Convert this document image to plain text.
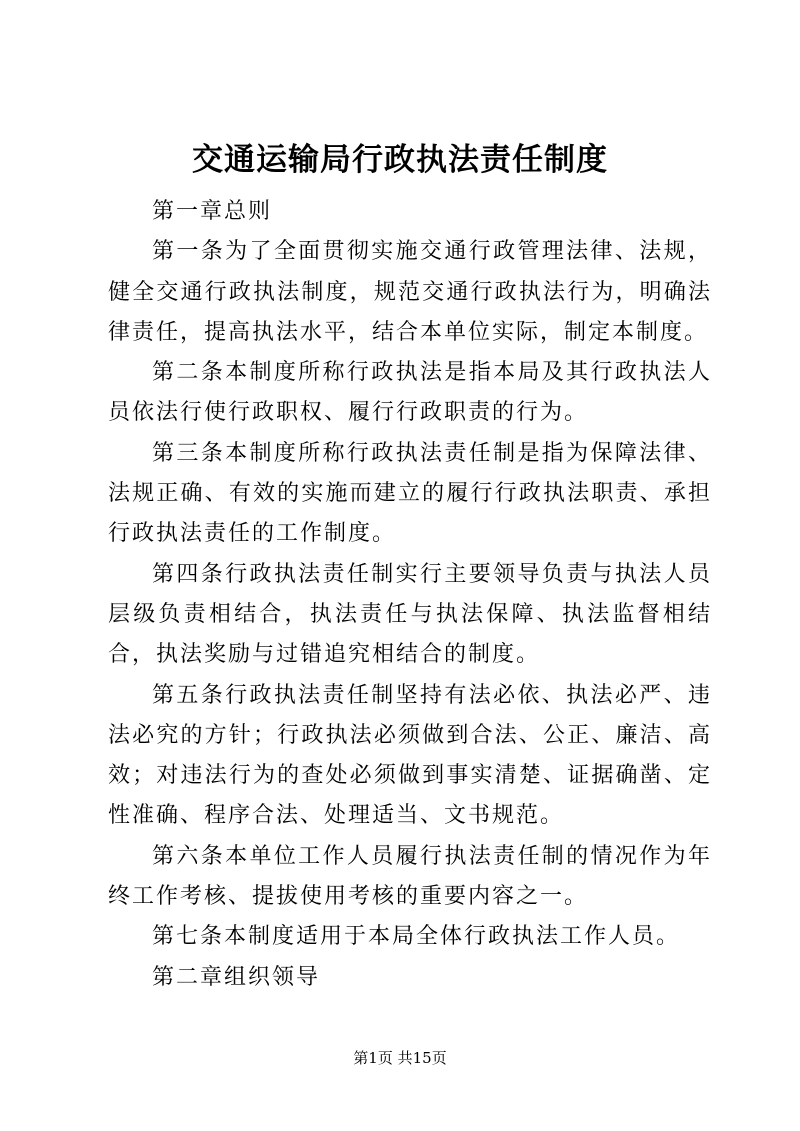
交通运输局行政执法责任制度

第一章总则

第一条为了全面贯彻实施交通行政管理法律、法规，健全交通行政执法制度，规范交通行政执法行为，明确法律责任，提高执法水平，结合本单位实际，制定本制度。

第二条本制度所称行政执法是指本局及其行政执法人员依法行使行政职权、履行行政职责的行为。

第三条本制度所称行政执法责任制是指为保障法律、法规正确、有效的实施而建立的履行行政执法职责、承担行政执法责任的工作制度。

第四条行政执法责任制实行主要领导负责与执法人员层级负责相结合，执法责任与执法保障、执法监督相结合，执法奖励与过错追究相结合的制度。

第五条行政执法责任制坚持有法必依、执法必严、违法必究的方针；行政执法必须做到合法、公正、廉洁、高效；对违法行为的查处必须做到事实清楚、证据确凿、定性准确、程序合法、处理适当、文书规范。

第六条本单位工作人员履行执法责任制的情况作为年终工作考核、提拔使用考核的重要内容之一。

第七条本制度适用于本局全体行政执法工作人员。

第二章组织领导

第1页 共15页
